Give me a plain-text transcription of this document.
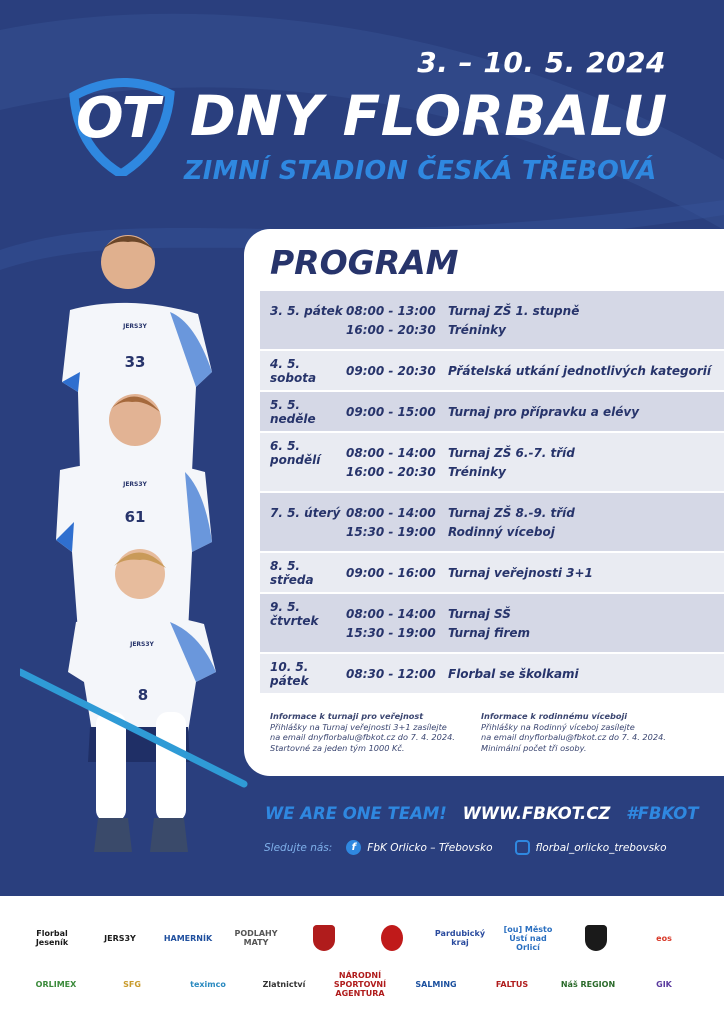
3. – 10. 5. 2024
OT DNY FLORBALU
ZIMNÍ STADION ČESKÁ TŘEBOVÁ
33
JERS3Y
61
JERS3Y
8
JERS3Y
PROGRAM
3. 5. pátek 08:00 - 13:00	Turnaj ZŠ 1. stupně
16:00 - 20:30	Tréninky
4. 5. sobota	09:00 - 20:30	Přátelská utkání jednotlivých kategorií
5. 5. neděle	09:00 - 15:00	Turnaj pro přípravku a elévy
6. 5. pondělí	08:00 - 14:00	Turnaj ZŠ 6.-7. tříd
16:00 - 20:30	Tréninky
7. 5. úterý 08:00 - 14:00	Turnaj ZŠ 8.-9. tříd
15:30 - 19:00	Rodinný víceboj
8. 5. středa	09:00 - 16:00	Turnaj veřejnosti 3+1
9. 5. čtvrtek	08:00 - 14:00	Turnaj SŠ
15:30 - 19:00	Turnaj firem
10. 5. pátek	08:30 - 12:00	Florbal se školkami
Informace k turnaji pro veřejnost
Přihlášky na Turnaj veřejnosti 3+1 zasílejte
na email dnyflorbalu@fbkot.cz do 7. 4. 2024.
Startovné za jeden tým 1000 Kč.
Informace k rodinnému víceboji
Přihlášky na Rodinný víceboj zasílejte
na email dnyflorbalu@fbkot.cz do 7. 4. 2024.
Minimální počet tři osoby.
WE ARE ONE TEAM! WWW.FBKOT.CZ #FBKOT
Sledujte nás:	f	FbK Orlicko – Třebovsko	florbal_orlicko_trebovsko
Florbal Jeseník	JERS3Y	HAMERNÍK	PODLAHY MATY
Pardubický kraj
[ou] Město Ústí nad Orlicí
eos
ORLIMEX	SFG	teximco	Zlatnictví
NÁRODNÍ SPORTOVNÍ AGENTURA
SALMING	FALTUS	Náš REGION	GIK
